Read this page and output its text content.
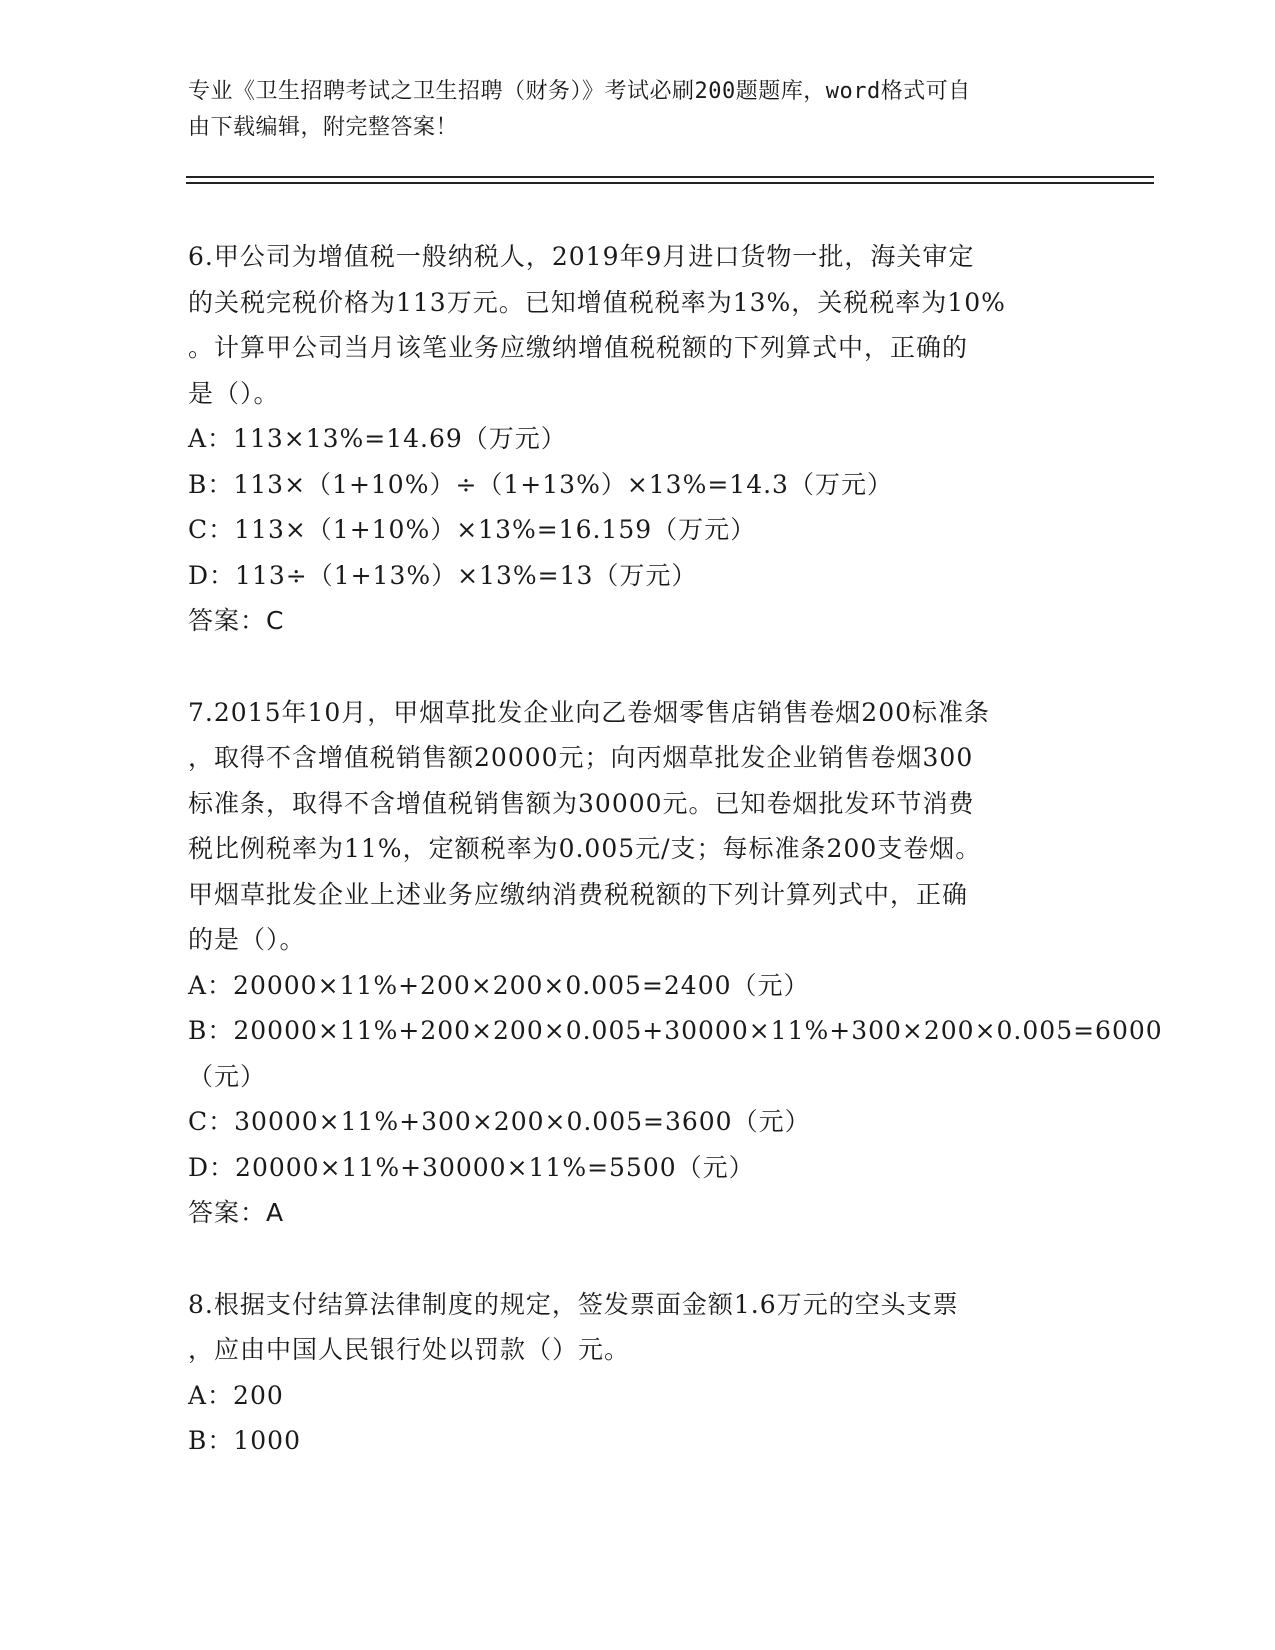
专业《卫生招聘考试之卫生招聘（财务）》考试必刷200题题库，word格式可自
由下载编辑，附完整答案！
6.甲公司为增值税一般纳税人，2019年9月进口货物一批，海关审定
的关税完税价格为113万元。已知增值税税率为13%，关税税率为10%
。计算甲公司当月该笔业务应缴纳增值税税额的下列算式中，正确的
是（）。
A：113×13%=14.69（万元）
B：113×（1+10%）÷（1+13%）×13%=14.3（万元）
C：113×（1+10%）×13%=16.159（万元）
D：113÷（1+13%）×13%=13（万元）
答案：C
7.2015年10月，甲烟草批发企业向乙卷烟零售店销售卷烟200标准条
，取得不含增值税销售额20000元；向丙烟草批发企业销售卷烟300
标准条，取得不含增值税销售额为30000元。已知卷烟批发环节消费
税比例税率为11%，定额税率为0.005元/支；每标准条200支卷烟。
甲烟草批发企业上述业务应缴纳消费税税额的下列计算列式中，正确
的是（）。
A：20000×11%+200×200×0.005=2400（元）
B：20000×11%+200×200×0.005+30000×11%+300×200×0.005=6000
（元）
C：30000×11%+300×200×0.005=3600（元）
D：20000×11%+30000×11%=5500（元）
答案：A
8.根据支付结算法律制度的规定，签发票面金额1.6万元的空头支票
，应由中国人民银行处以罚款（）元。
A：200
B：1000
